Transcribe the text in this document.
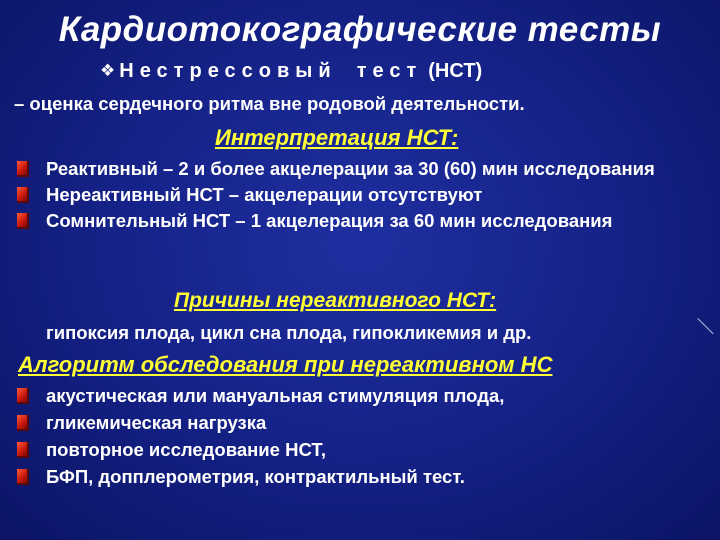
Кардиотокографические тесты
❖ Нестрессовый тест (НСТ)
– оценка сердечного ритма вне родовой деятельности.
Интерпретация НСТ:
Реактивный – 2 и более акцелерации за 30 (60) мин исследования
Нереактивный НСТ – акцелерации отсутствуют
Сомнительный НСТ – 1 акцелерация за 60 мин исследования
Причины нереактивного НСТ:
гипоксия плода, цикл сна плода, гипокликемия и др.
Алгоритм обследования при нереактивном НС
акустическая или мануальная стимуляция плода,
гликемическая нагрузка
повторное исследование НСТ,
БФП, допплерометрия, контрактильный тест.
